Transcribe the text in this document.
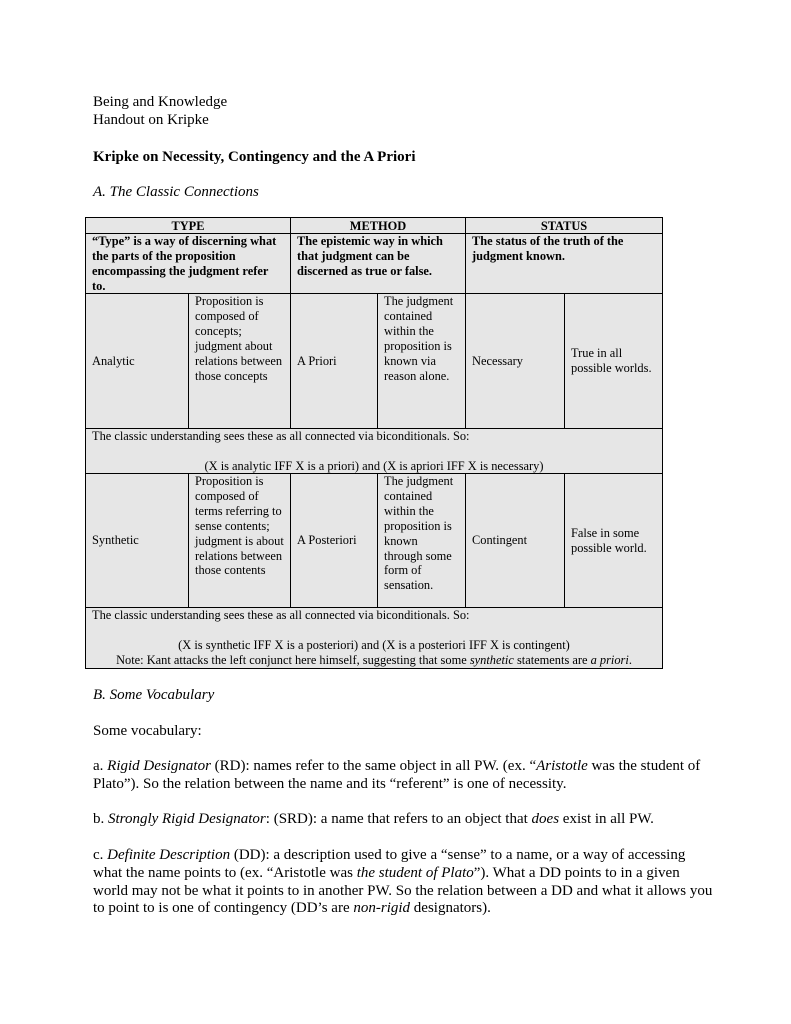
Being and Knowledge
Handout on Kripke
Kripke on Necessity, Contingency and the A Priori
A. The Classic Connections
TYPE	METHOD	STATUS
“Type” is a way of discerning what the parts of the proposition encompassing the judgment refer to.
The epistemic way in which that judgment can be discerned as true or false.
The status of the truth of the judgment known.
Analytic
Proposition is composed of concepts; judgment about relations between those concepts
A Priori
The judgment contained within the proposition is known via reason alone.
Necessary
True in all possible worlds.
The classic understanding sees these as all connected via biconditionals. So:
(X is analytic IFF X is a priori) and (X is apriori IFF X is necessary)
Synthetic
Proposition is composed of terms referring to sense contents; judgment is about relations between those contents
A Posteriori
The judgment contained within the proposition is known through some form of sensation.
Contingent
False in some possible world.
The classic understanding sees these as all connected via biconditionals. So:
(X is synthetic IFF X is a posteriori) and (X is a posteriori IFF X is contingent)
Note: Kant attacks the left conjunct here himself, suggesting that some synthetic statements are a priori.
B. Some Vocabulary
Some vocabulary:
a. Rigid Designator (RD): names refer to the same object in all PW. (ex. “Aristotle was the student of Plato”). So the relation between the name and its “referent” is one of necessity.
b. Strongly Rigid Designator: (SRD): a name that refers to an object that does exist in all PW.
c. Definite Description (DD): a description used to give a “sense” to a name, or a way of accessing what the name points to (ex. “Aristotle was the student of Plato”). What a DD points to in a given world may not be what it points to in another PW. So the relation between a DD and what it allows you to point to is one of contingency (DD’s are non-rigid designators).
